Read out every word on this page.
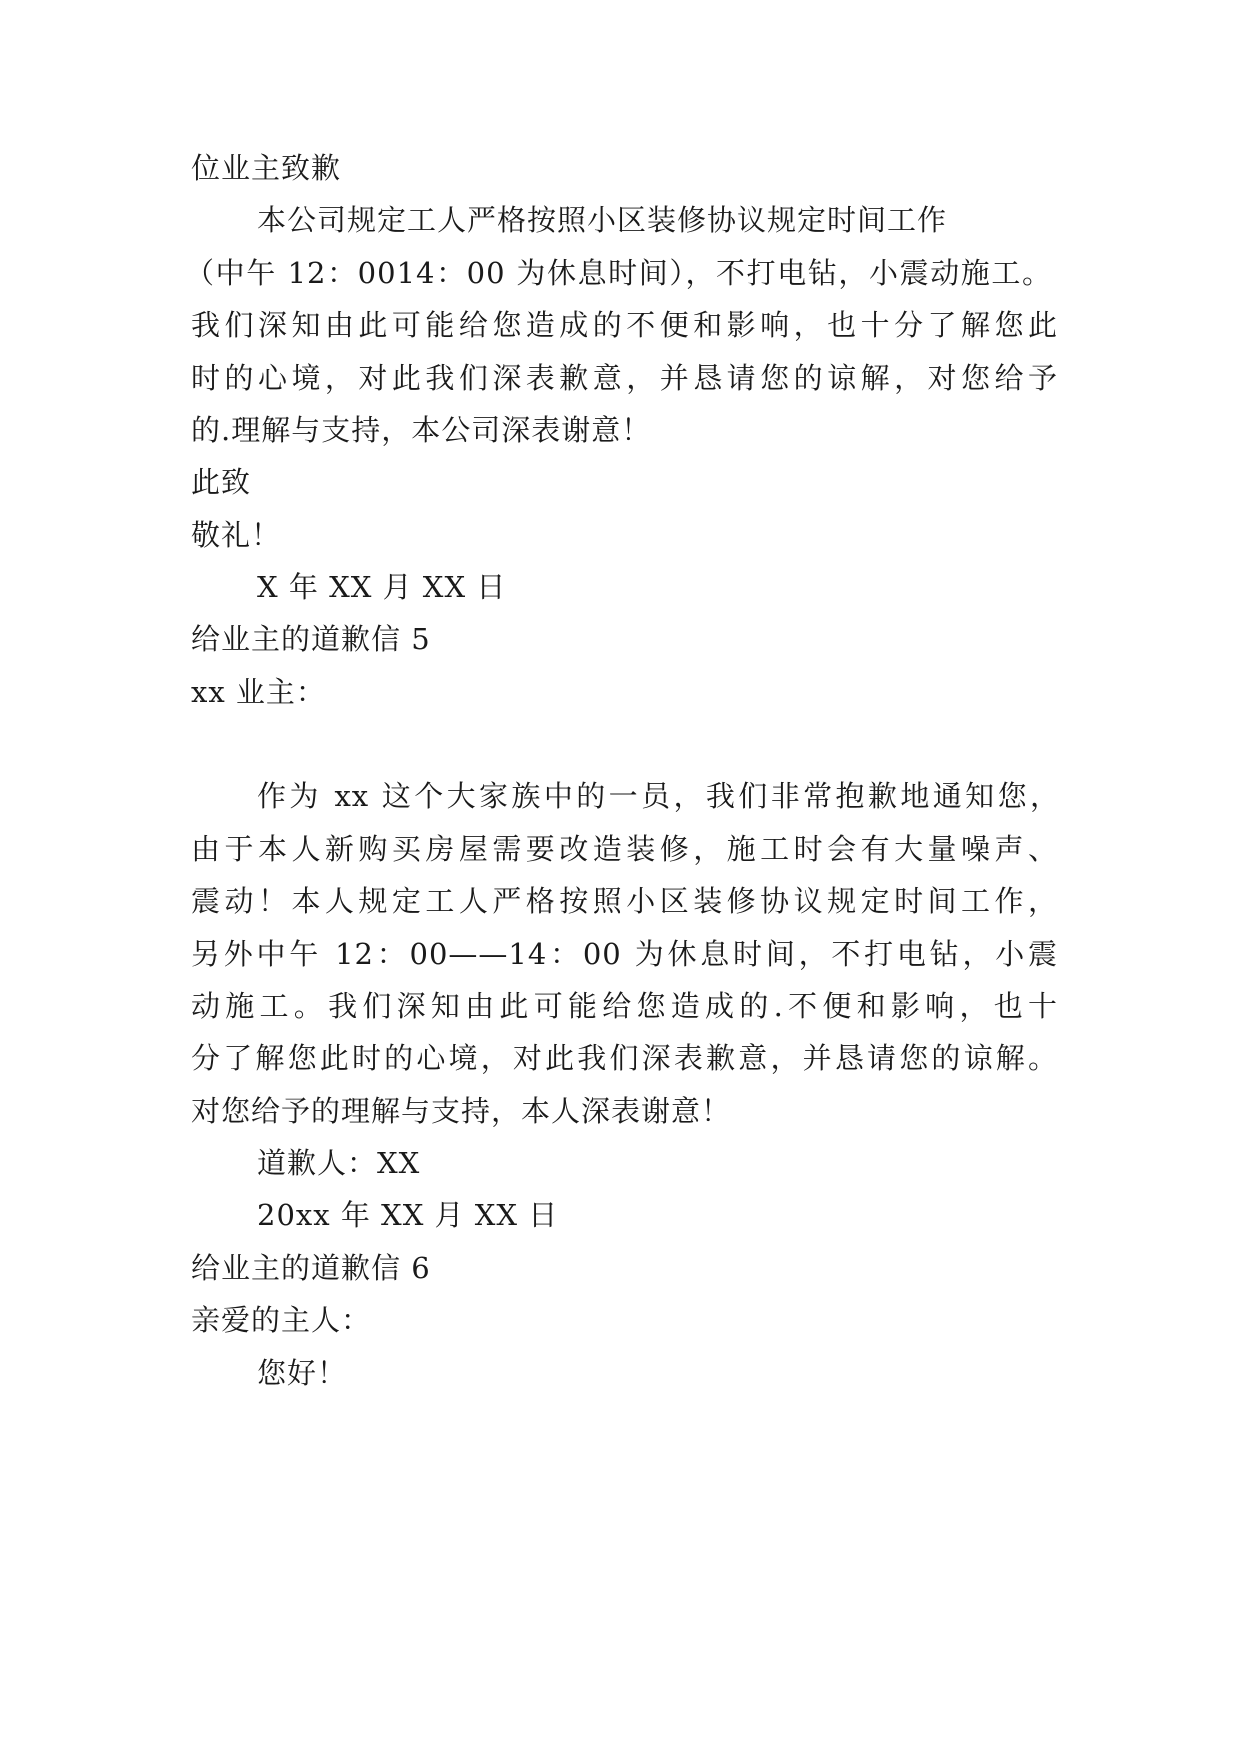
位业主致歉
本公司规定工人严格按照小区装修协议规定时间工作
（中午 12：0014：00 为休息时间），不打电钻，小震动施工。
我们深知由此可能给您造成的不便和影响，也十分了解您此
时的心境，对此我们深表歉意，并恳请您的谅解，对您给予
的.理解与支持，本公司深表谢意！
此致
敬礼！
X 年 XX 月 XX 日
给业主的道歉信 5
xx 业主：
作为 xx 这个大家族中的一员，我们非常抱歉地通知您，
由于本人新购买房屋需要改造装修，施工时会有大量噪声、
震动！本人规定工人严格按照小区装修协议规定时间工作，
另外中午 12：00——14：00 为休息时间，不打电钻，小震
动施工。我们深知由此可能给您造成的.不便和影响，也十
分了解您此时的心境，对此我们深表歉意，并恳请您的谅解。
对您给予的理解与支持，本人深表谢意！
道歉人：XX
20xx 年 XX 月 XX 日
给业主的道歉信 6
亲爱的主人：
您好！
